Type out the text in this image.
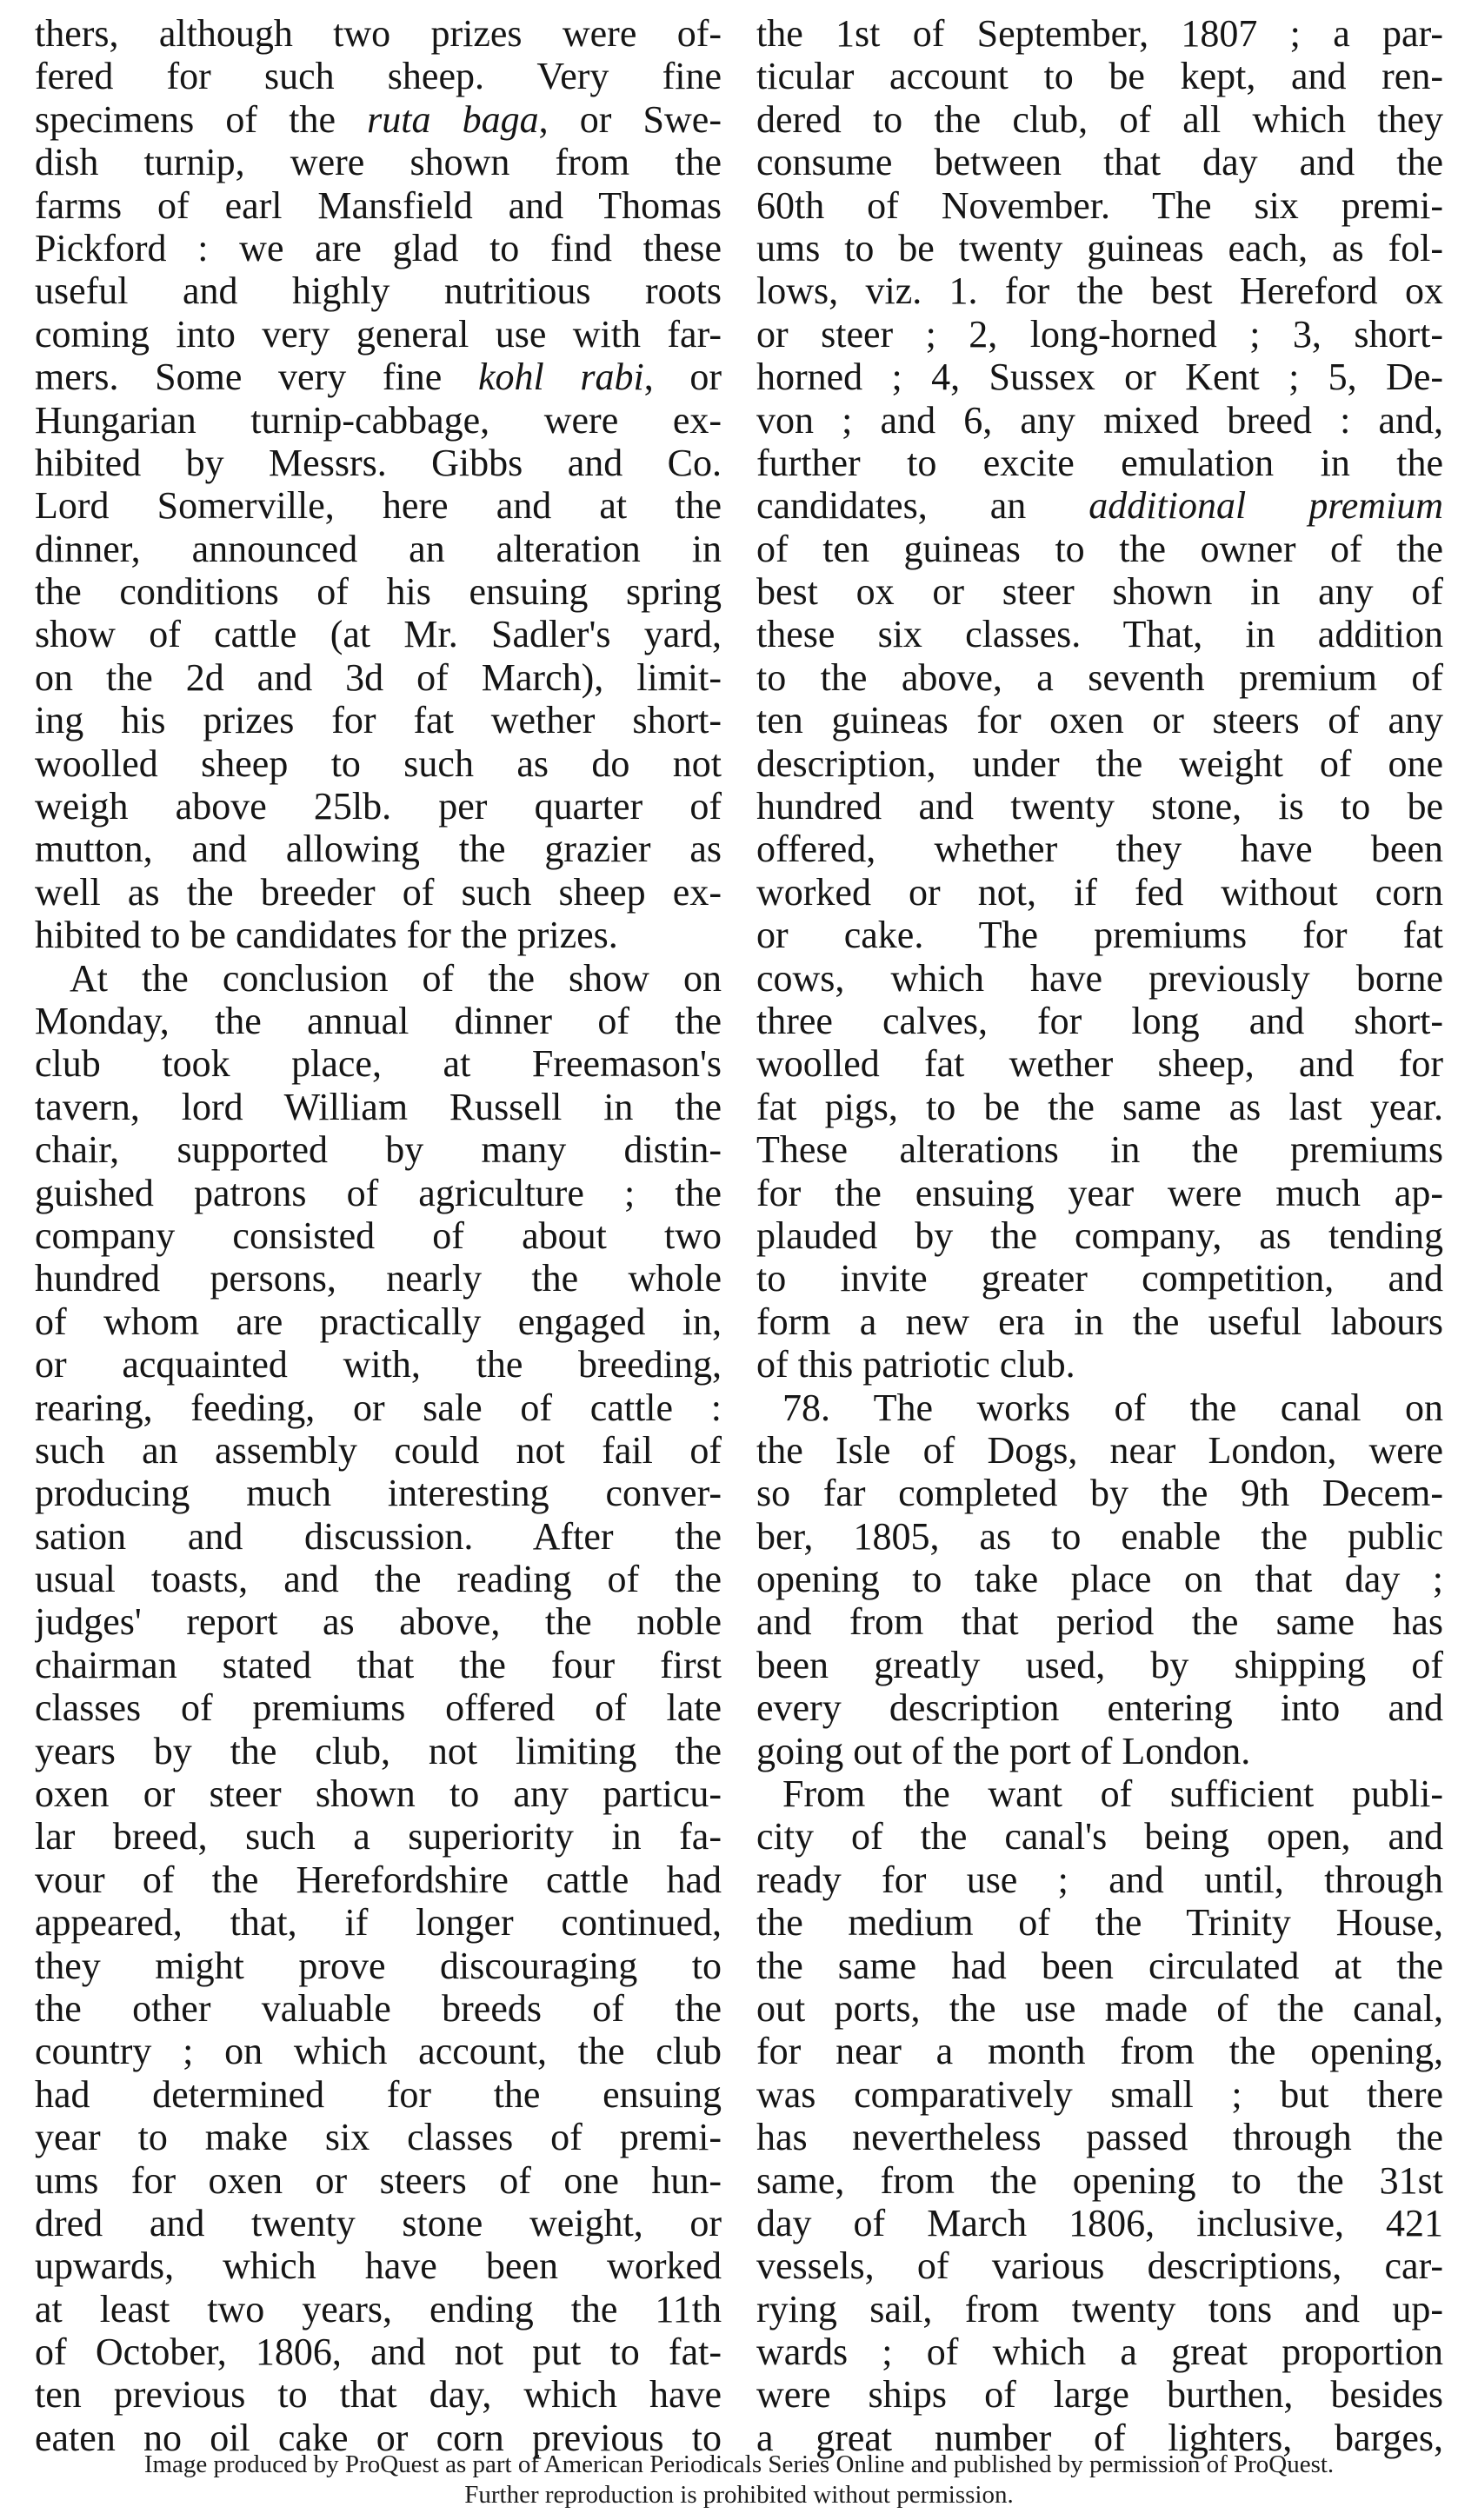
thers, although two prizes were of-
fered for such sheep. Very fine
specimens of the ruta baga, or Swe-
dish turnip, were shown from the
farms of earl Mansfield and Thomas
Pickford : we are glad to find these
useful and highly nutritious roots
coming into very general use with far-
mers. Some very fine kohl rabi, or
Hungarian turnip-cabbage, were ex-
hibited by Messrs. Gibbs and Co.
Lord Somerville, here and at the
dinner, announced an alteration in
the conditions of his ensuing spring
show of cattle (at Mr. Sadler's yard,
on the 2d and 3d of March), limit-
ing his prizes for fat wether short-
woolled sheep to such as do not
weigh above 25lb. per quarter of
mutton, and allowing the grazier as
well as the breeder of such sheep ex-
hibited to be candidates for the prizes.
At the conclusion of the show on
Monday, the annual dinner of the
club took place, at Freemason's
tavern, lord William Russell in the
chair, supported by many distin-
guished patrons of agriculture ; the
company consisted of about two
hundred persons, nearly the whole
of whom are practically engaged in,
or acquainted with, the breeding,
rearing, feeding, or sale of cattle :
such an assembly could not fail of
producing much interesting conver-
sation and discussion. After the
usual toasts, and the reading of the
judges' report as above, the noble
chairman stated that the four first
classes of premiums offered of late
years by the club, not limiting the
oxen or steer shown to any particu-
lar breed, such a superiority in fa-
vour of the Herefordshire cattle had
appeared, that, if longer continued,
they might prove discouraging to
the other valuable breeds of the
country ; on which account, the club
had determined for the ensuing
year to make six classes of premi-
ums for oxen or steers of one hun-
dred and twenty stone weight, or
upwards, which have been worked
at least two years, ending the 11th
of October, 1806, and not put to fat-
ten previous to that day, which have
eaten no oil cake or corn previous to
the 1st of September, 1807 ; a par-
ticular account to be kept, and ren-
dered to the club, of all which they
consume between that day and the
60th of November. The six premi-
ums to be twenty guineas each, as fol-
lows, viz. 1. for the best Hereford ox
or steer ; 2, long-horned ; 3, short-
horned ; 4, Sussex or Kent ; 5, De-
von ; and 6, any mixed breed : and,
further to excite emulation in the
candidates, an additional premium
of ten guineas to the owner of the
best ox or steer shown in any of
these six classes. That, in addition
to the above, a seventh premium of
ten guineas for oxen or steers of any
description, under the weight of one
hundred and twenty stone, is to be
offered, whether they have been
worked or not, if fed without corn
or cake. The premiums for fat
cows, which have previously borne
three calves, for long and short-
woolled fat wether sheep, and for
fat pigs, to be the same as last year.
These alterations in the premiums
for the ensuing year were much ap-
plauded by the company, as tending
to invite greater competition, and
form a new era in the useful labours
of this patriotic club.
78. The works of the canal on
the Isle of Dogs, near London, were
so far completed by the 9th Decem-
ber, 1805, as to enable the public
opening to take place on that day ;
and from that period the same has
been greatly used, by shipping of
every description entering into and
going out of the port of London.
From the want of sufficient publi-
city of the canal's being open, and
ready for use ; and until, through
the medium of the Trinity House,
the same had been circulated at the
out ports, the use made of the canal,
for near a month from the opening,
was comparatively small ; but there
has nevertheless passed through the
same, from the opening to the 31st
day of March 1806, inclusive, 421
vessels, of various descriptions, car-
rying sail, from twenty tons and up-
wards ; of which a great proportion
were ships of large burthen, besides
a great number of lighters, barges,
Image produced by ProQuest as part of American Periodicals Series Online and published by permission of ProQuest.
Further reproduction is prohibited without permission.
